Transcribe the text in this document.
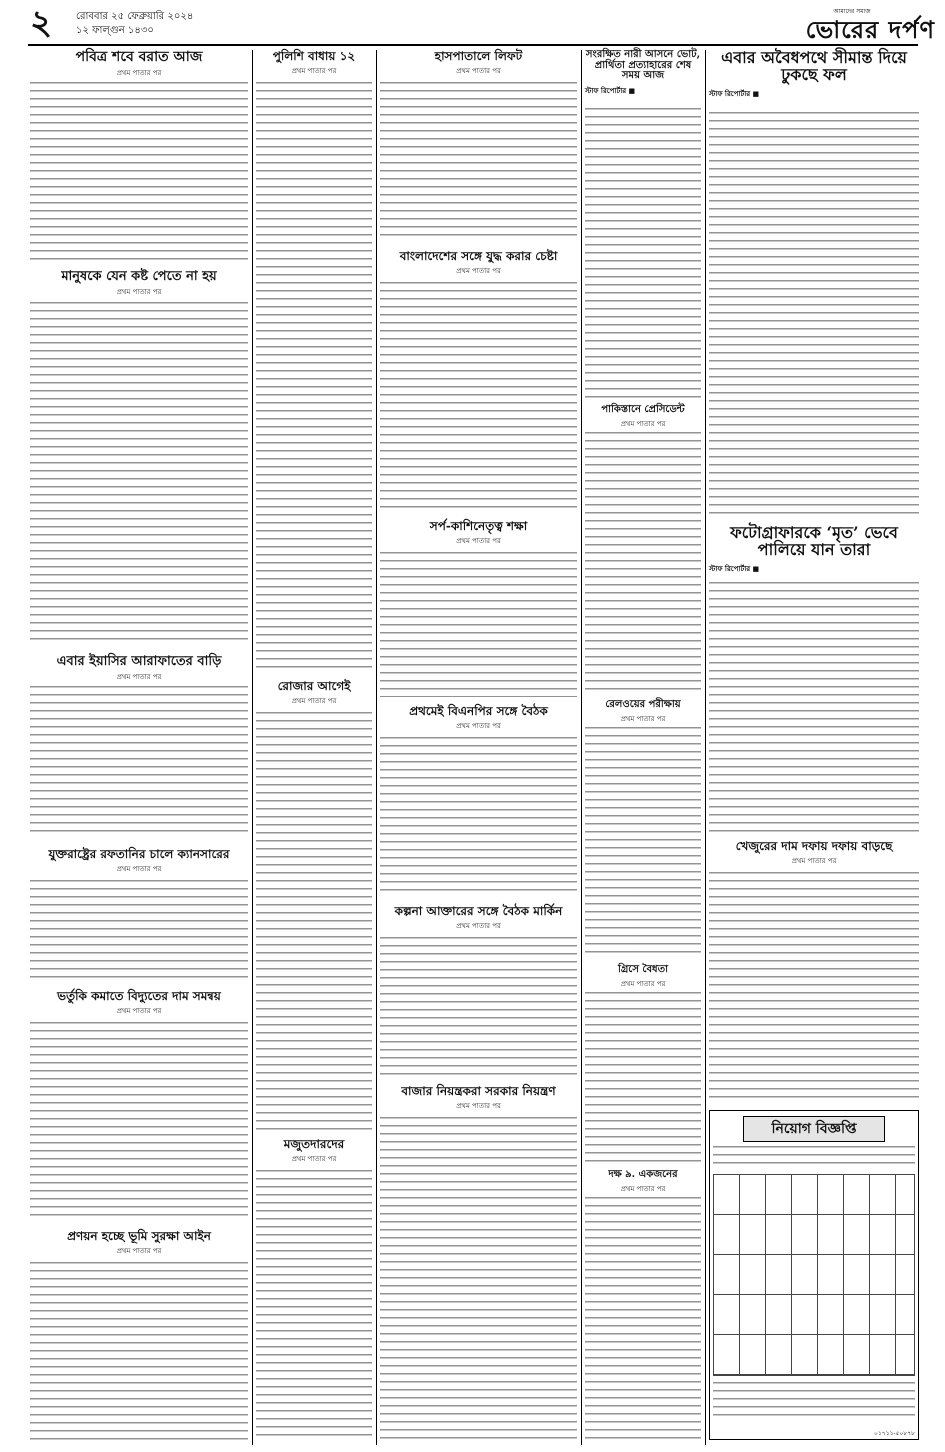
২	রোববার ২৫ ফেব্রুয়ারি ২০২৪
১২ ফাল্গুন ১৪৩০
আমাদের সমাজ
ভোরের দর্পণ
পবিত্র শবে বরাত আজ
প্রথম পাতার পর
মানুষকে যেন কষ্ট পেতে না হয়
প্রথম পাতার পর
এবার ইয়াসির আরাফাতের বাড়ি
প্রথম পাতার পর
যুক্তরাষ্ট্রের রফতানির চালে ক্যানসারের
প্রথম পাতার পর
ভর্তুকি কমাতে বিদ্যুতের দাম সমন্বয়
প্রথম পাতার পর
প্রণয়ন হচ্ছে ভূমি সুরক্ষা আইন
প্রথম পাতার পর
পুলিশি বাধায় ১২
প্রথম পাতার পর
রোজার আগেই
প্রথম পাতার পর
মজুতদারদের
প্রথম পাতার পর
হাসপাতালে লিফট
প্রথম পাতার পর
বাংলাদেশের সঙ্গে যুদ্ধ করার চেষ্টা
প্রথম পাতার পর
সর্প-কাশিনেতৃত্ব শক্ষা
প্রথম পাতার পর
প্রথমেই বিএনপির সঙ্গে বৈঠক
প্রথম পাতার পর
কল্পনা আক্তারের সঙ্গে বৈঠক মার্কিন
প্রথম পাতার পর
বাজার নিয়ন্ত্রকরা সরকার নিয়ন্ত্রণ
প্রথম পাতার পর
সংরক্ষিত নারী আসনে ভোট, প্রার্থিতা প্রত্যাহারের শেষ সময় আজ
স্টাফ রিপোর্টার ■
পাকিস্তানে প্রেসিডেন্ট
প্রথম পাতার পর
রেলওয়ের পরীক্ষায়
প্রথম পাতার পর
গ্রিসে বৈধতা
প্রথম পাতার পর
দক্ষ ৯. একজনের
প্রথম পাতার পর
এবার অবৈধপথে সীমান্ত দিয়ে ঢুকছে ফল
স্টাফ রিপোর্টার ■
ফটোগ্রাফারকে ‘মৃত’ ভেবে পালিয়ে যান তারা
স্টাফ রিপোর্টার ■
খেজুরের দাম দফায় দফায় বাড়ছে
প্রথম পাতার পর
নিয়োগ বিজ্ঞপ্তি
০১৭১১-৫০৮৭৮
